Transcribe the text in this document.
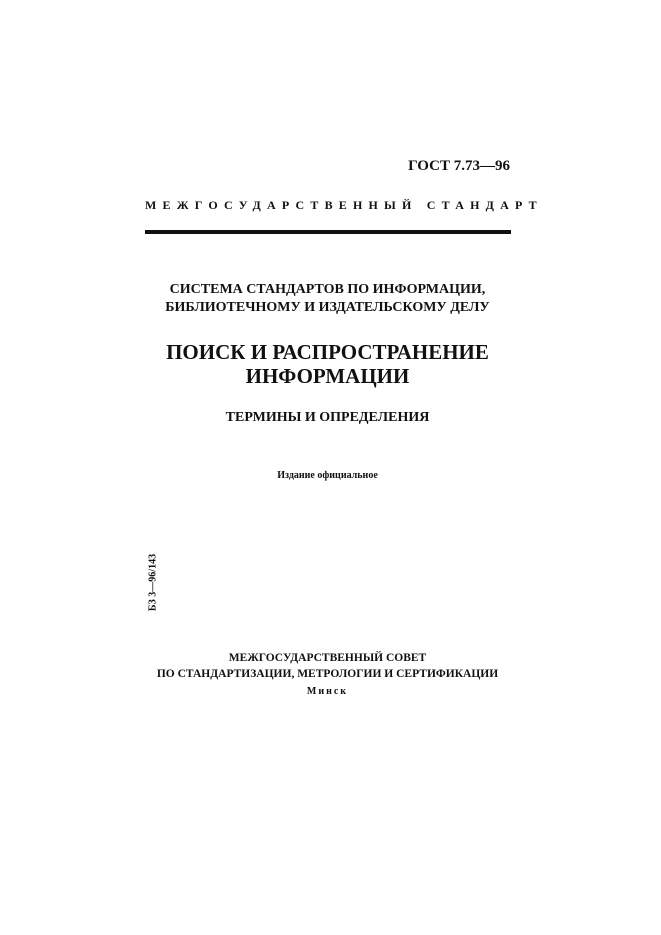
ГОСТ 7.73—96
МЕЖГОСУДАРСТВЕННЫЙ СТАНДАРТ
СИСТЕМА СТАНДАРТОВ ПО ИНФОРМАЦИИ,
БИБЛИОТЕЧНОМУ И ИЗДАТЕЛЬСКОМУ ДЕЛУ
ПОИСК И РАСПРОСТРАНЕНИЕ
ИНФОРМАЦИИ
ТЕРМИНЫ И ОПРЕДЕЛЕНИЯ
Издание официальное
БЗ 3—96/143
МЕЖГОСУДАРСТВЕННЫЙ СОВЕТ
ПО СТАНДАРТИЗАЦИИ, МЕТРОЛОГИИ И СЕРТИФИКАЦИИ
Минск
